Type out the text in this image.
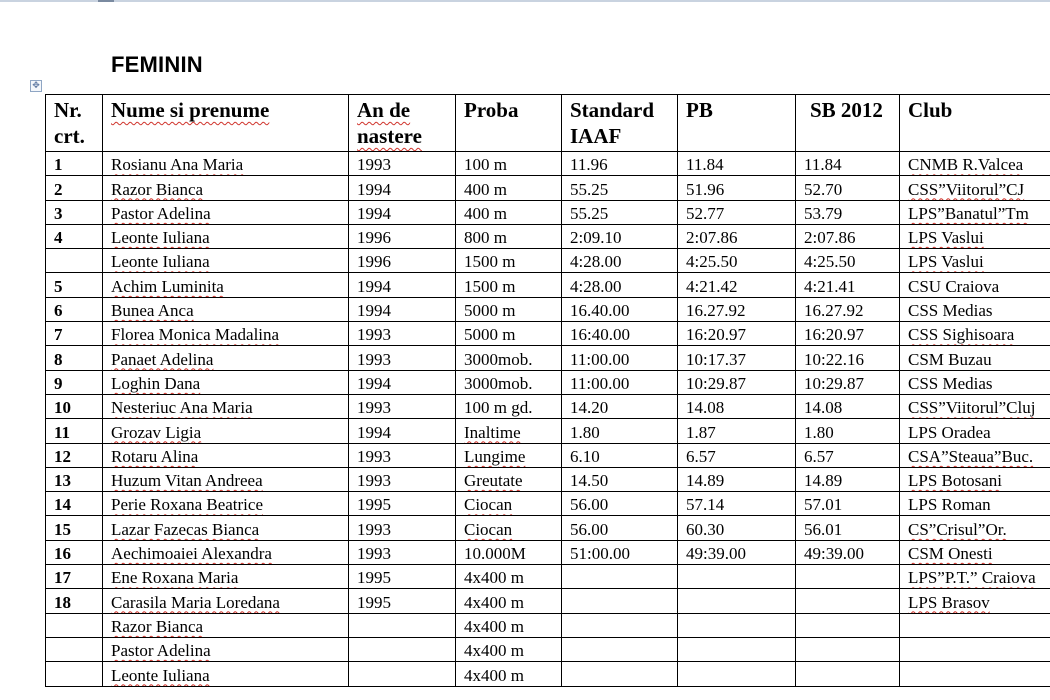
✥
FEMININ
Nr. crt.	Nume si prenume	An de nastere	Proba	Standard IAAF	PB	SB 2012	Club
1	Rosianu Ana Maria	1993	100 m	11.96	11.84	11.84	CNMB R.Valcea
2	Razor Bianca	1994	400 m	55.25	51.96	52.70	CSS”Viitorul”CJ
3	Pastor Adelina	1994	400 m	55.25	52.77	53.79	LPS”Banatul”Tm
4	Leonte Iuliana	1996	800 m	2:09.10	2:07.86	2:07.86	LPS Vaslui
	Leonte Iuliana	1996	1500 m	4:28.00	4:25.50	4:25.50	LPS Vaslui
5	Achim Luminita	1994	1500 m	4:28.00	4:21.42	4:21.41	CSU Craiova
6	Bunea Anca	1994	5000 m	16.40.00	16.27.92	16.27.92	CSS Medias
7	Florea Monica Madalina	1993	5000 m	16:40.00	16:20.97	16:20.97	CSS Sighisoara
8	Panaet Adelina	1993	3000mob.	11:00.00	10:17.37	10:22.16	CSM Buzau
9	Loghin Dana	1994	3000mob.	11:00.00	10:29.87	10:29.87	CSS Medias
10	Nesteriuc Ana Maria	1993	100 m gd.	14.20	14.08	14.08	CSS”Viitorul”Cluj
11	Grozav Ligia	1994	Inaltime	1.80	1.87	1.80	LPS Oradea
12	Rotaru Alina	1993	Lungime	6.10	6.57	6.57	CSA”Steaua”Buc.
13	Huzum Vitan Andreea	1993	Greutate	14.50	14.89	14.89	LPS Botosani
14	Perie Roxana Beatrice	1995	Ciocan	56.00	57.14	57.01	LPS Roman
15	Lazar Fazecas Bianca	1993	Ciocan	56.00	60.30	56.01	CS”Crisul”Or.
16	Aechimoaiei Alexandra	1993	10.000M	51:00.00	49:39.00	49:39.00	CSM Onesti
17	Ene Roxana Maria	1995	4x400 m				LPS”P.T.” Craiova
18	Carasila Maria Loredana	1995	4x400 m				LPS Brasov
	Razor Bianca		4x400 m				
	Pastor Adelina		4x400 m				
	Leonte Iuliana		4x400 m				
